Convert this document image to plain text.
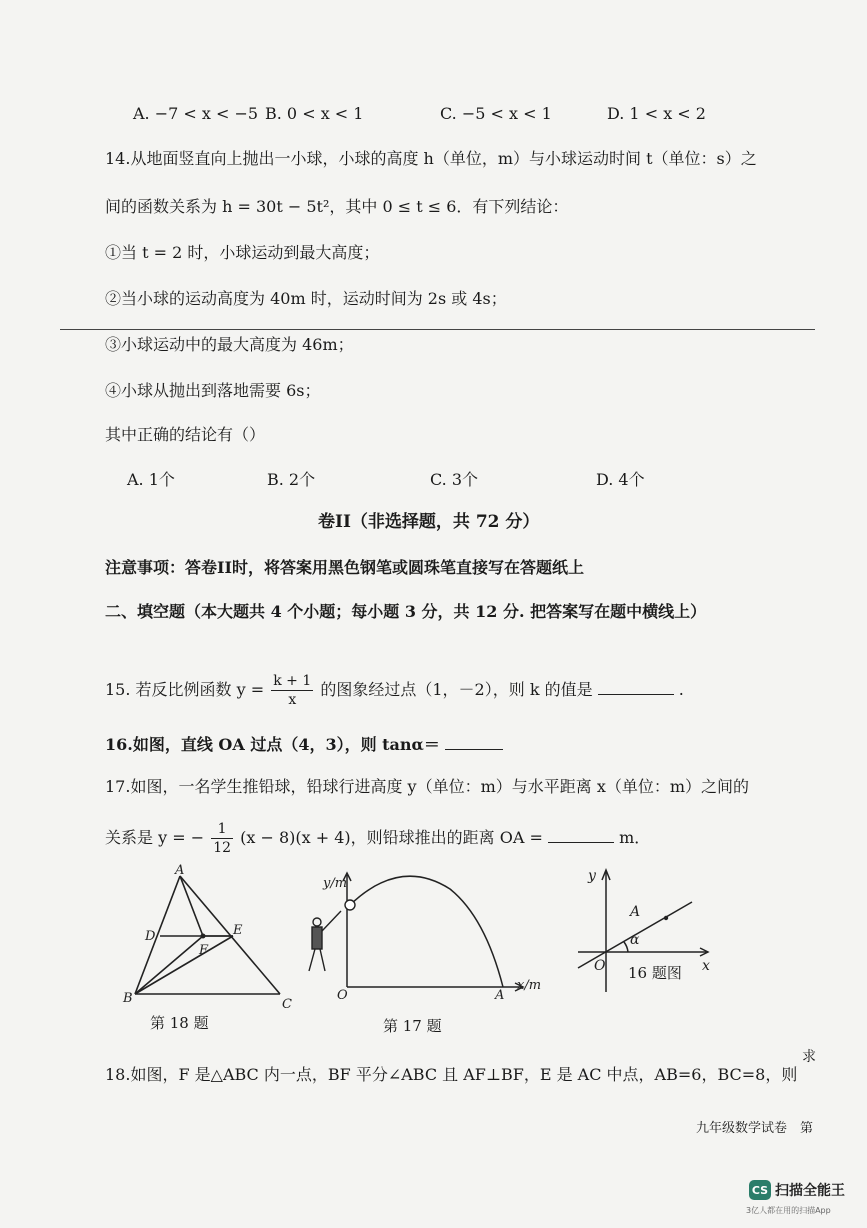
A. −7 < x < −5 B. 0 < x < 1	C. −5 < x < 1	D. 1 < x < 2
14.从地面竖直向上抛出一小球，小球的高度 h（单位，m）与小球运动时间 t（单位：s）之
间的函数关系为 h = 30t − 5t²，其中 0 ≤ t ≤ 6．有下列结论：
①当 t = 2 时，小球运动到最大高度；
②当小球的运动高度为 40m 时，运动时间为 2s 或 4s；
③小球运动中的最大高度为 46m；
④小球从抛出到落地需要 6s；
其中正确的结论有（）
A. 1个	B. 2个	C. 3个	D. 4个
卷II（非选择题，共 72 分）
注意事项：答卷II时，将答案用黑色钢笔或圆珠笔直接写在答题纸上
二、填空题（本大题共 4 个小题；每小题 3 分，共 12 分. 把答案写在题中横线上）
15. 若反比例函数 $y = \frac{k + 1}{x}$ 的图象经过点（1，－2），则 k 的值是	.
16.如图，直线 OA 过点（4，3），则 tanα＝
17.如图，一名学生推铅球，铅球行进高度 y（单位：m）与水平距离 x（单位：m）之间的
关系是 y = − $\frac{1}{12} (x - 8)(x + 4)$，则铅球推出的距离 OA =	m．
A
D	E
F
B	C
第 18 题
y/m
x/m
O	A
第 17 题
y
x
O
A
α
16 题图
求
18.如图，F 是△ABC 内一点，BF 平分∠ABC 且 AF⊥BF，E 是 AC 中点，AB=6，BC=8，则
九年级数学试卷　第
CS 扫描全能王
3亿人都在用的扫描App
